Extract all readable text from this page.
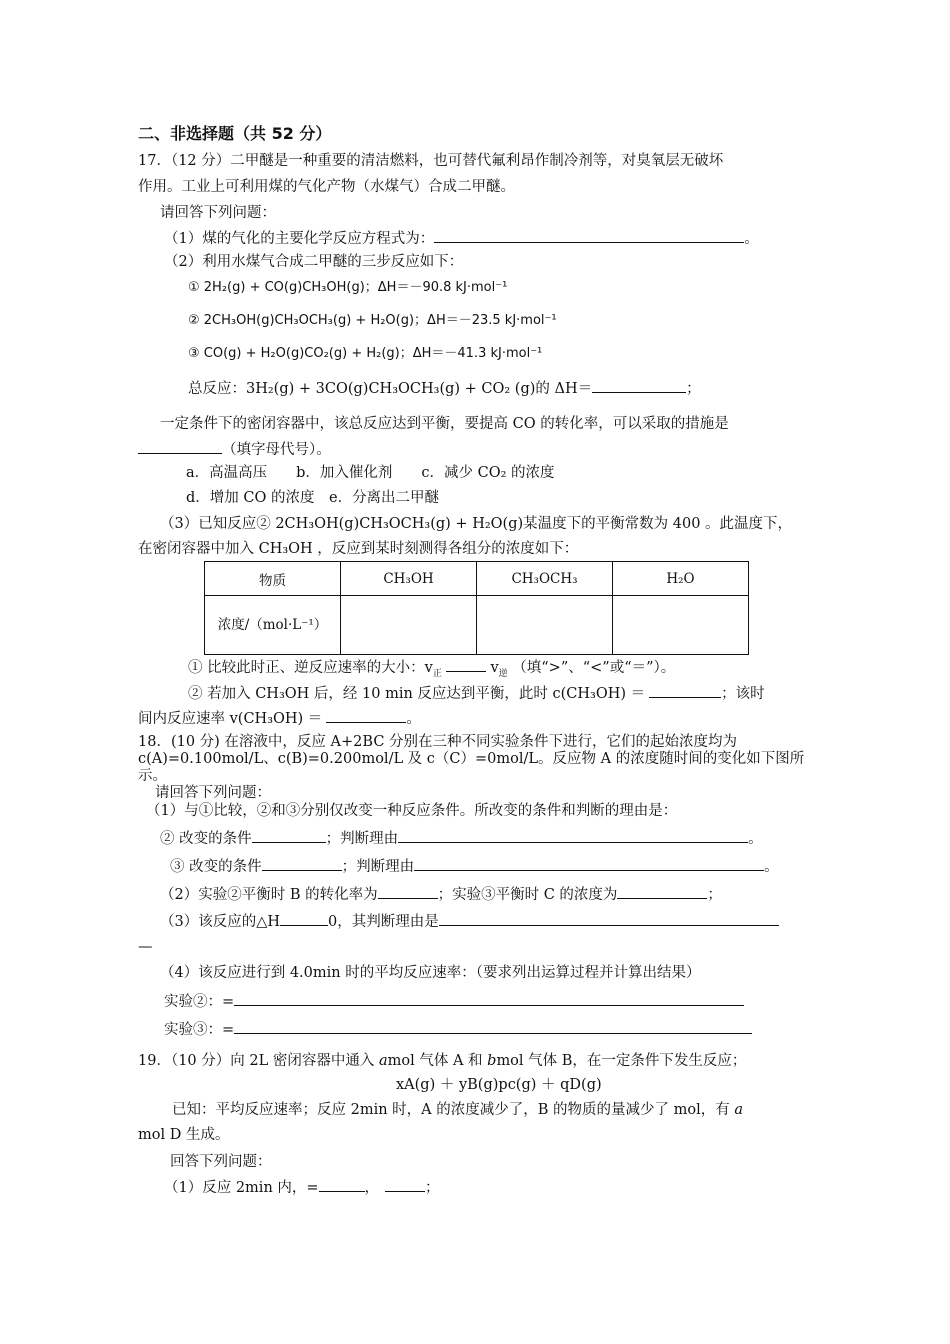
二、非选择题（共 52 分）
17．（12 分）二甲醚是一种重要的清洁燃料，也可替代氟利昂作制冷剂等，对臭氧层无破坏
作用。工业上可利用煤的气化产物（水煤气）合成二甲醚。
请回答下列问题：
（1）煤的气化的主要化学反应方程式为：	。
（2）利用水煤气合成二甲醚的三步反应如下：
① 2H₂(g) + CO(g)CH₃OH(g)；ΔH＝－90.8 kJ·mol⁻¹
② 2CH₃OH(g)CH₃OCH₃(g) + H₂O(g)；ΔH＝－23.5 kJ·mol⁻¹
③ CO(g) + H₂O(g)CO₂(g) + H₂(g)；ΔH＝－41.3 kJ·mol⁻¹
总反应：3H₂(g) + 3CO(g)CH₃OCH₃(g) + CO₂ (g)的 ΔH＝	；
一定条件下的密闭容器中，该总反应达到平衡，要提高 CO 的转化率，可以采取的措施是
（填字母代号）。
a．高温高压　　b．加入催化剂　　c．减少 CO₂ 的浓度
d．增加 CO 的浓度　e．分离出二甲醚
（3）已知反应② 2CH₃OH(g)CH₃OCH₃(g) + H₂O(g)某温度下的平衡常数为 400 。此温度下，
在密闭容器中加入 CH₃OH ，反应到某时刻测得各组分的浓度如下：
物质	CH₃OH	CH₃OCH₃	H₂O
浓度/（mol·L⁻¹）			
① 比较此时正、逆反应速率的大小：$v_正$	$v_逆$ （填“>”、“<”或“＝”）。
② 若加入 CH₃OH 后，经 10 min 反应达到平衡，此时 c(CH₃OH) ＝	；该时
间内反应速率 v(CH₃OH) ＝	。
18．(10 分) 在溶液中，反应 A+2BC 分别在三种不同实验条件下进行，它们的起始浓度均为
c(A)=0.100mol/L、c(B)=0.200mol/L 及 c（C）=0mol/L。反应物 A 的浓度随时间的变化如下图所
示。
请回答下列问题：
（1）与①比较，②和③分别仅改变一种反应条件。所改变的条件和判断的理由是：
② 改变的条件	；判断理由	。
③ 改变的条件	；判断理由	。
（2）实验②平衡时 B 的转化率为	；实验③平衡时 C 的浓度为	；
（3）该反应的△H	0，其判断理由是
—
（4）该反应进行到 4.0min 时的平均反应速率：（要求列出运算过程并计算出结果）
实验②：=
实验③：=
19．（10 分）向 2L 密闭容器中通入 amol 气体 A 和 bmol 气体 B，在一定条件下发生反应；
xA(g) ＋ yB(g)pc(g) ＋ qD(g)
已知：平均反应速率；反应 2min 时，A 的浓度减少了，B 的物质的量减少了 mol，有 a
mol D 生成。
回答下列问题：
（1）反应 2min 内，=	，	；
